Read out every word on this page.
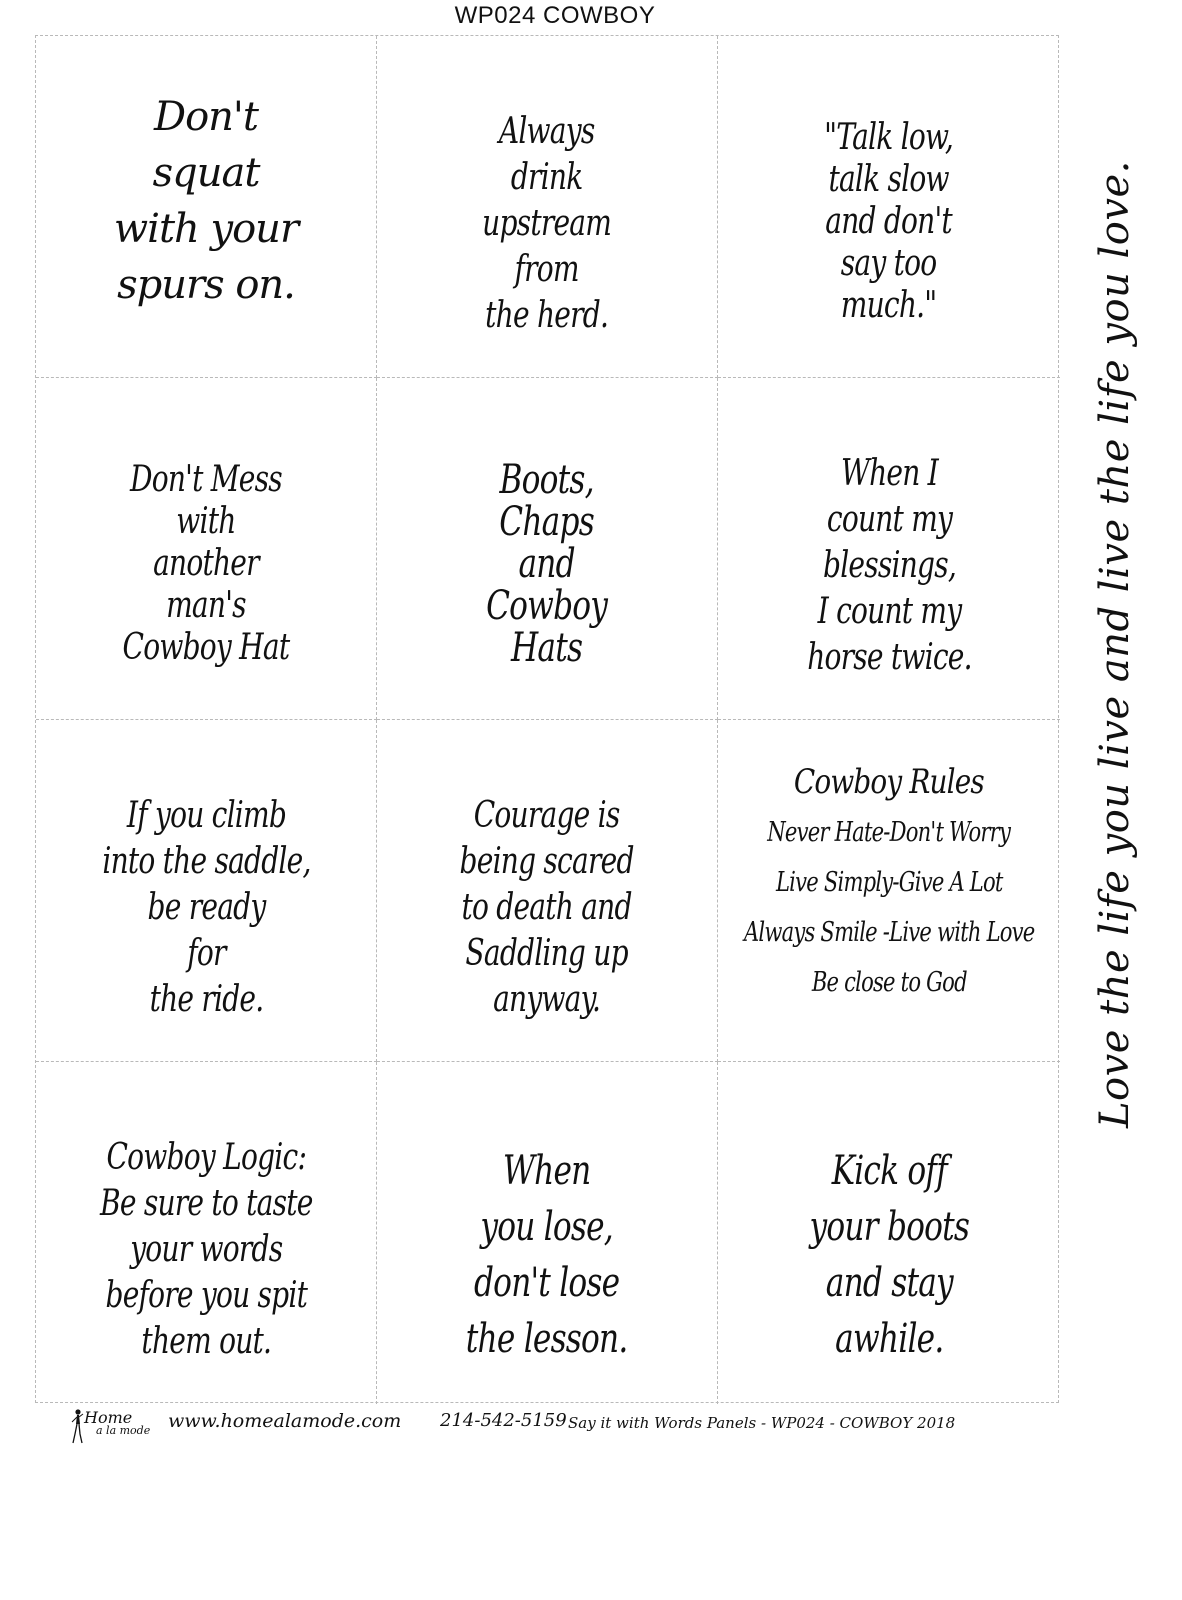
WP024 COWBOY
Don't
squat
with your
spurs on.

Always
drink
upstream
from
the herd.

"Talk low,
talk slow
and don't
say too
much."

Don't Mess
with
another
man's
Cowboy Hat

Boots,
Chaps
and
Cowboy
Hats

When I
count my
blessings,
I count my
horse twice.

If you climb
into the saddle,
be ready
for
the ride.

Courage is
being scared
to death and
Saddling up
anyway.

Cowboy Rules
Never Hate-Don't Worry
Live Simply-Give A Lot
Always Smile -Live with Love
Be close to God

Cowboy Logic:
Be sure to taste
your words
before you spit
them out.

When
you lose,
don't lose
the lesson.

Kick off
your boots
and stay
awhile.

Love the life you live and live the life you love.
Home
a la mode www.homealamode.com 214-542-5159 Say it with Words Panels - WP024 - COWBOY 2018
